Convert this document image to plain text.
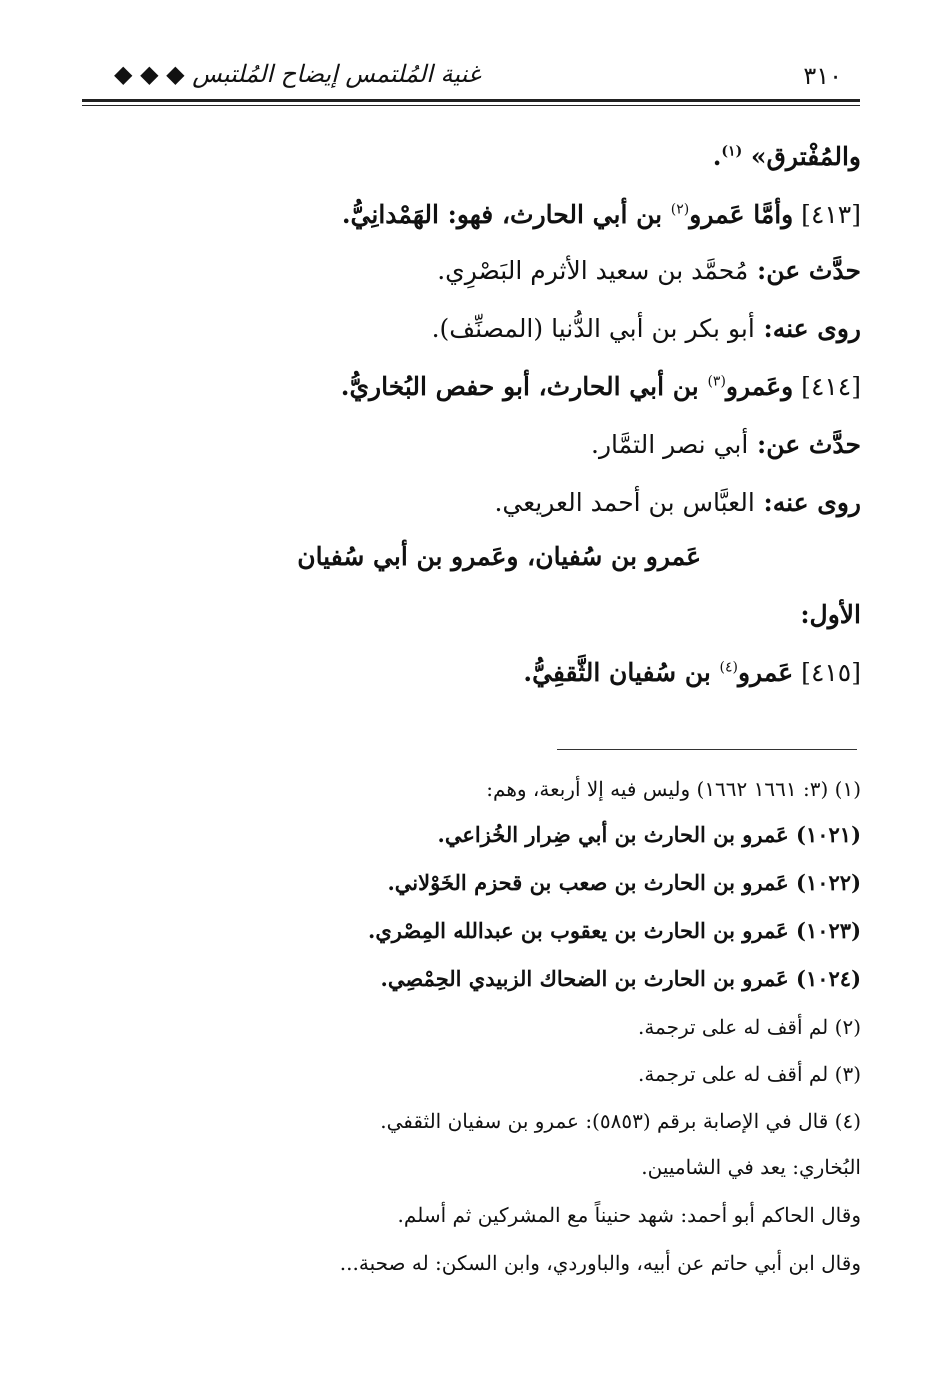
٣١٠
غنية المُلتمس إيضاح المُلتبس ◆ ◆ ◆
والمُفْترق» $^{(١)}$.
[٤١٣] وأمَّا عَمرو$^{(٢)}$ بن أبي الحارث، فهو: الهَمْدانِيُّ.
حدَّث عن: مُحمَّد بن سعيد الأثرم البَصْرِي.
روى عنه: أبو بكر بن أبي الدُّنيا (المصنِّف).
[٤١٤] وعَمرو$^{(٣)}$ بن أبي الحارث، أبو حفص البُخاريُّ.
حدَّث عن: أبي نصر التمَّار.
روى عنه: العبَّاس بن أحمد العريعي.
عَمرو بن سُفيان، وعَمرو بن أبي سُفيان
الأول:
[٤١٥] عَمرو$^{(٤)}$ بن سُفيان الثَّقفِيُّ.
(١) (٣: ١٦٦١ ١٦٦٢) وليس فيه إلا أربعة، وهم:
(١٠٢١) عَمرو بن الحارث بن أبي ضِرار الخُزاعي.
(١٠٢٢) عَمرو بن الحارث بن صعب بن قحزم الخَوْلاني.
(١٠٢٣) عَمرو بن الحارث بن يعقوب بن عبدالله المِصْري.
(١٠٢٤) عَمرو بن الحارث بن الضحاك الزبيدي الحِمْصِي.
(٢) لم أقف له على ترجمة.
(٣) لم أقف له على ترجمة.
(٤) قال في الإصابة برقم (٥٨٥٣): عمرو بن سفيان الثقفي.
البُخاري: يعد في الشاميين.
وقال الحاكم أبو أحمد: شهد حنيناً مع المشركين ثم أسلم.
وقال ابن أبي حاتم عن أبيه، والباوردي، وابن السكن: له صحبة...
